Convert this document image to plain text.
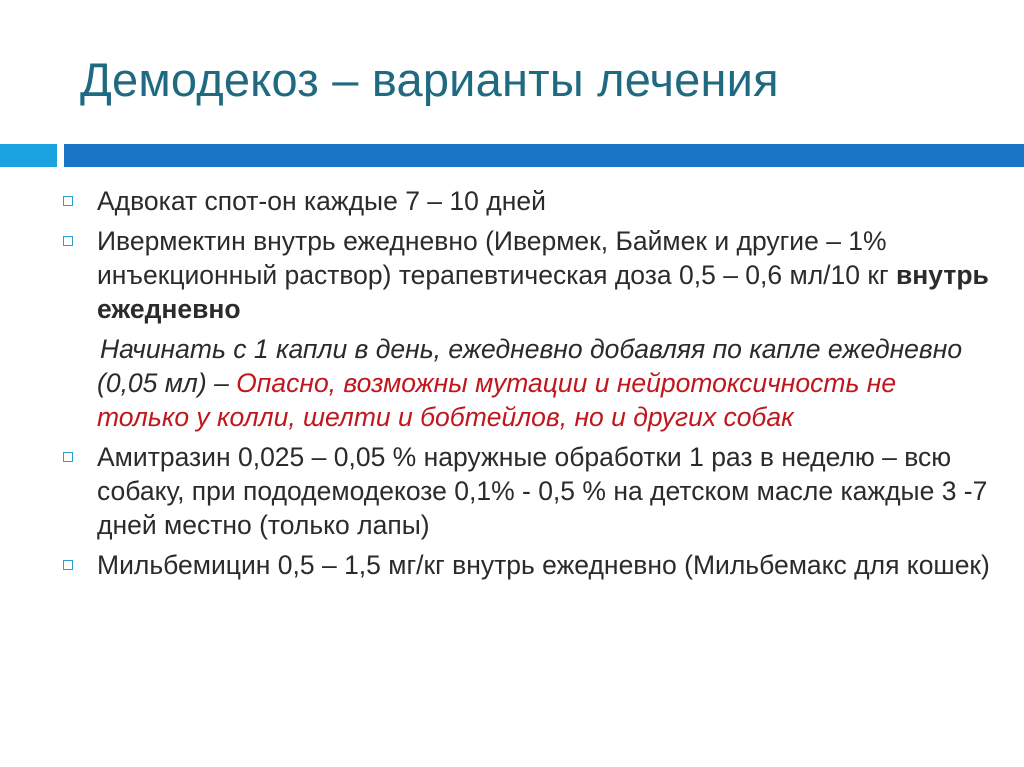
Демодекоз – варианты лечения
Адвокат спот-он каждые 7 – 10 дней
Ивермектин внутрь ежедневно (Ивермек, Баймек и другие – 1% инъекционный раствор) терапевтическая доза 0,5 – 0,6 мл/10 кг внутрь ежедневно
Начинать с 1 капли в день, ежедневно добавляя по капле ежедневно (0,05 мл) – Опасно, возможны мутации и нейротоксичность не только у колли, шелти и бобтейлов, но и других собак
Амитразин 0,025 – 0,05 % наружные обработки 1 раз в неделю – всю собаку, при пододемодекозе 0,1% - 0,5 % на детском масле каждые 3 -7 дней местно (только лапы)
Мильбемицин 0,5 – 1,5 мг/кг внутрь ежедневно (Мильбемакс для кошек)
